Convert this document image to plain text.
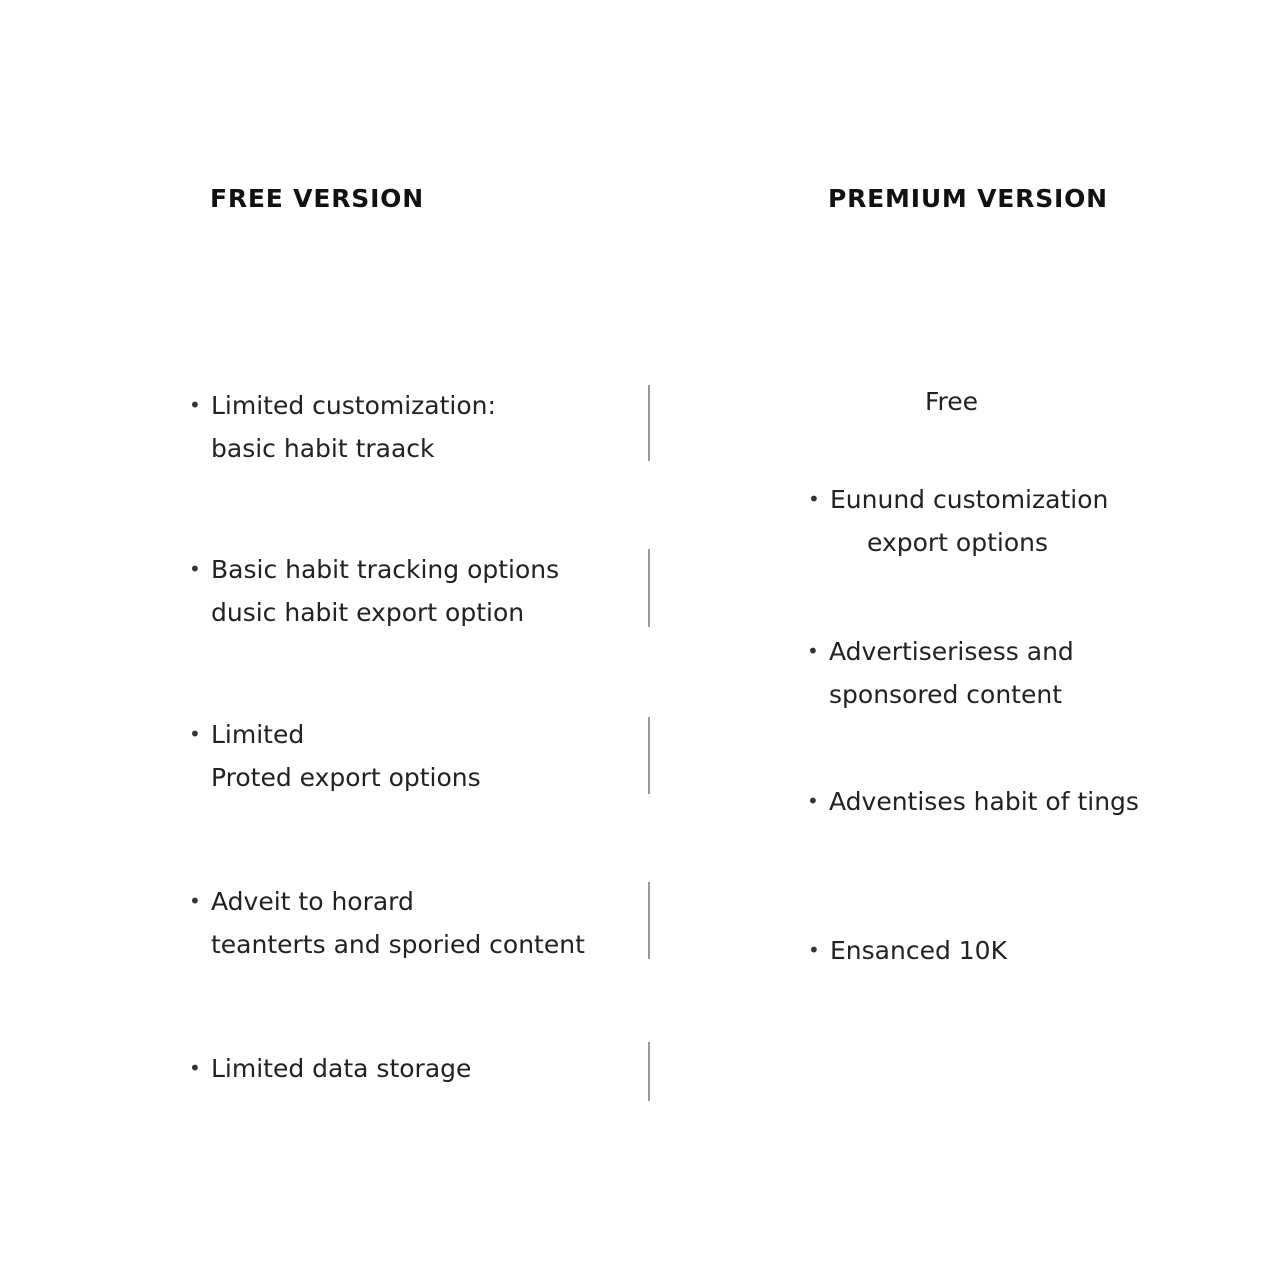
FREE VERSION	PREMIUM VERSION
• Limited customization:
basic habit traack
• Basic habit tracking options
dusic habit export option
• Limited
Proted export options
• Adveit to horard
teanterts and sporied content
• Limited data storage
Free
• Eunund customization
export options
• Advertiserisess and
sponsored content
• Adventises habit of tings
• Ensanced 10K
